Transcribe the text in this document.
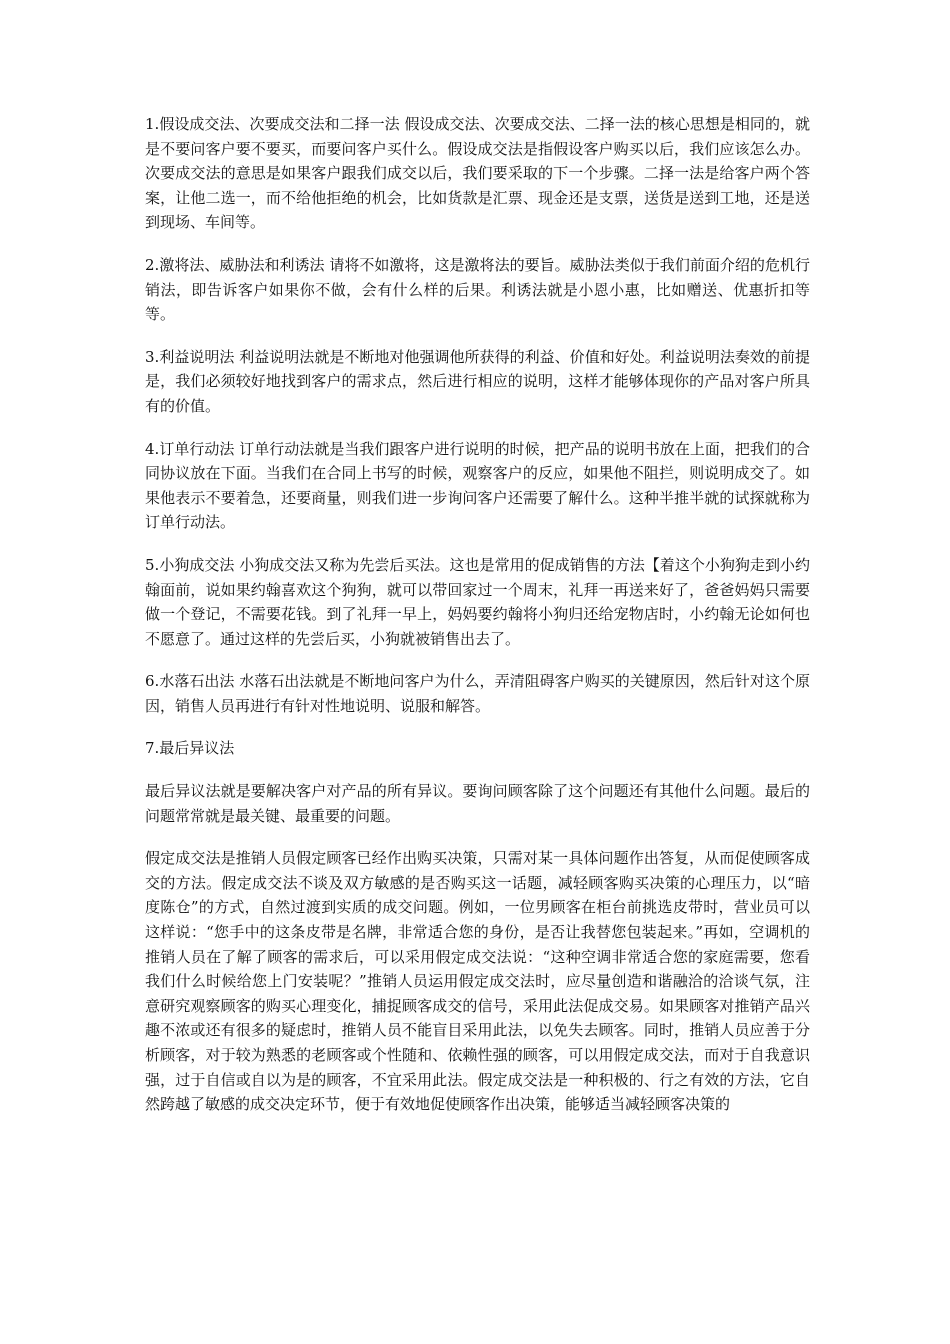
1.假设成交法、次要成交法和二择一法 假设成交法、次要成交法、二择一法的核心思想是相同的，就是不要问客户要不要买，而要问客户买什么。假设成交法是指假设客户购买以后，我们应该怎么办。次要成交法的意思是如果客户跟我们成交以后，我们要采取的下一个步骤。二择一法是给客户两个答案，让他二选一，而不给他拒绝的机会，比如货款是汇票、现金还是支票，送货是送到工地，还是送到现场、车间等。

2.激将法、威胁法和利诱法 请将不如激将，这是激将法的要旨。威胁法类似于我们前面介绍的危机行销法，即告诉客户如果你不做，会有什么样的后果。利诱法就是小恩小惠，比如赠送、优惠折扣等等。

3.利益说明法 利益说明法就是不断地对他强调他所获得的利益、价值和好处。利益说明法奏效的前提是，我们必须较好地找到客户的需求点，然后进行相应的说明，这样才能够体现你的产品对客户所具有的价值。

4.订单行动法 订单行动法就是当我们跟客户进行说明的时候，把产品的说明书放在上面，把我们的合同协议放在下面。当我们在合同上书写的时候，观察客户的反应，如果他不阻拦，则说明成交了。如果他表示不要着急，还要商量，则我们进一步询问客户还需要了解什么。这种半推半就的试探就称为订单行动法。

5.小狗成交法 小狗成交法又称为先尝后买法。这也是常用的促成销售的方法【着这个小狗狗走到小约翰面前，说如果约翰喜欢这个狗狗，就可以带回家过一个周末，礼拜一再送来好了，爸爸妈妈只需要做一个登记，不需要花钱。到了礼拜一早上，妈妈要约翰将小狗归还给宠物店时，小约翰无论如何也不愿意了。通过这样的先尝后买，小狗就被销售出去了。

6.水落石出法 水落石出法就是不断地问客户为什么，弄清阻碍客户购买的关键原因，然后针对这个原因，销售人员再进行有针对性地说明、说服和解答。

7.最后异议法

最后异议法就是要解决客户对产品的所有异议。要询问顾客除了这个问题还有其他什么问题。最后的问题常常就是最关键、最重要的问题。

假定成交法是推销人员假定顾客已经作出购买决策，只需对某一具体问题作出答复，从而促使顾客成交的方法。假定成交法不谈及双方敏感的是否购买这一话题，减轻顾客购买决策的心理压力，以“暗度陈仓”的方式，自然过渡到实质的成交问题。例如，一位男顾客在柜台前挑选皮带时，营业员可以这样说：“您手中的这条皮带是名牌，非常适合您的身份，是否让我替您包装起来。”再如，空调机的推销人员在了解了顾客的需求后，可以采用假定成交法说：“这种空调非常适合您的家庭需要，您看我们什么时候给您上门安装呢？”推销人员运用假定成交法时，应尽量创造和谐融洽的洽谈气氛，注意研究观察顾客的购买心理变化，捕捉顾客成交的信号，采用此法促成交易。如果顾客对推销产品兴趣不浓或还有很多的疑虑时，推销人员不能盲目采用此法，以免失去顾客。同时，推销人员应善于分析顾客，对于较为熟悉的老顾客或个性随和、依赖性强的顾客，可以用假定成交法，而对于自我意识强，过于自信或自以为是的顾客，不宜采用此法。假定成交法是一种积极的、行之有效的方法，它自然跨越了敏感的成交决定环节，便于有效地促使顾客作出决策，能够适当减轻顾客决策的
